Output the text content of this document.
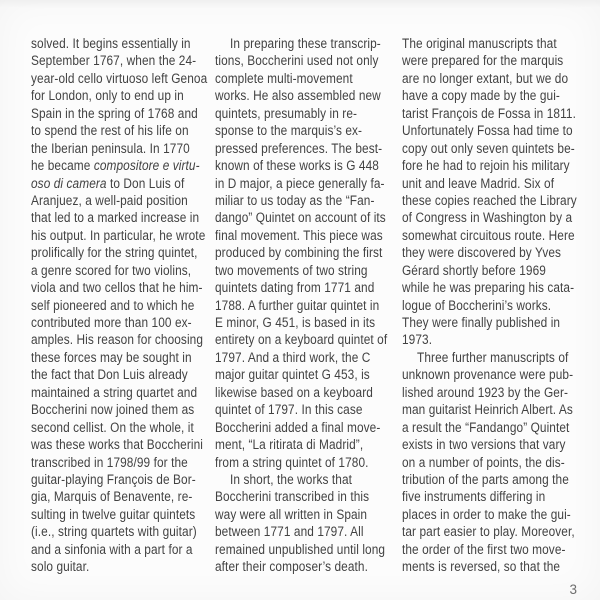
solved. It begins essentially in
September 1767, when the 24-
year-old cello virtuoso left Genoa
for London, only to end up in
Spain in the spring of 1768 and
to spend the rest of his life on
the Iberian peninsula. In 1770
he became compositore e virtu-
oso di camera to Don Luis of
Aranjuez, a well-paid position
that led to a marked increase in
his output. In particular, he wrote
prolifically for the string quintet,
a genre scored for two violins,
viola and two cellos that he him-
self pioneered and to which he
contributed more than 100 ex-
amples. His reason for choosing
these forces may be sought in
the fact that Don Luis already
maintained a string quartet and
Boccherini now joined them as
second cellist. On the whole, it
was these works that Boccherini
transcribed in 1798/99 for the
guitar-playing François de Bor-
gia, Marquis of Benavente, re-
sulting in twelve guitar quintets
(i.e., string quartets with guitar)
and a sinfonia with a part for a
solo guitar.
In preparing these transcrip-
tions, Boccherini used not only
complete multi-movement
works. He also assembled new
quintets, presumably in re-
sponse to the marquis’s ex-
pressed preferences. The best-
known of these works is G 448
in D major, a piece generally fa-
miliar to us today as the “Fan-
dango” Quintet on account of its
final movement. This piece was
produced by combining the first
two movements of two string
quintets dating from 1771 and
1788. A further guitar quintet in
E minor, G 451, is based in its
entirety on a keyboard quintet of
1797. And a third work, the C
major guitar quintet G 453, is
likewise based on a keyboard
quintet of 1797. In this case
Boccherini added a final move-
ment, “La ritirata di Madrid”,
from a string quintet of 1780.
In short, the works that
Boccherini transcribed in this
way were all written in Spain
between 1771 and 1797. All
remained unpublished until long
after their composer’s death.
The original manuscripts that
were prepared for the marquis
are no longer extant, but we do
have a copy made by the gui-
tarist François de Fossa in 1811.
Unfortunately Fossa had time to
copy out only seven quintets be-
fore he had to rejoin his military
unit and leave Madrid. Six of
these copies reached the Library
of Congress in Washington by a
somewhat circuitous route. Here
they were discovered by Yves
Gérard shortly before 1969
while he was preparing his cata-
logue of Boccherini’s works.
They were finally published in
1973.
Three further manuscripts of
unknown provenance were pub-
lished around 1923 by the Ger-
man guitarist Heinrich Albert. As
a result the “Fandango” Quintet
exists in two versions that vary
on a number of points, the dis-
tribution of the parts among the
five instruments differing in
places in order to make the gui-
tar part easier to play. Moreover,
the order of the first two move-
ments is reversed, so that the
3
